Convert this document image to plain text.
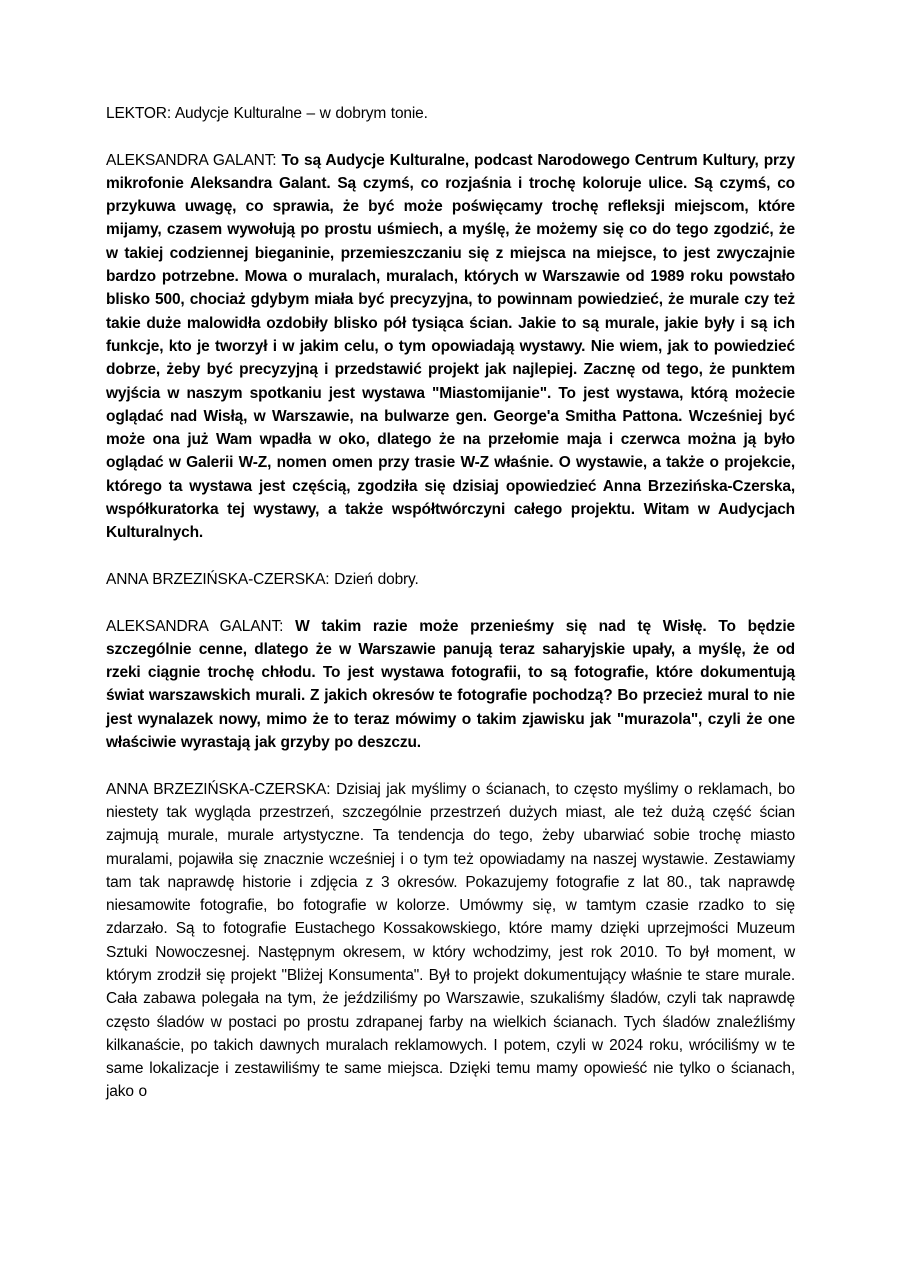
LEKTOR: Audycje Kulturalne – w dobrym tonie.

ALEKSANDRA GALANT: To są Audycje Kulturalne, podcast Narodowego Centrum Kultury, przy mikrofonie Aleksandra Galant. Są czymś, co rozjaśnia i trochę koloruje ulice. Są czymś, co przykuwa uwagę, co sprawia, że być może poświęcamy trochę refleksji miejscom, które mijamy, czasem wywołują po prostu uśmiech, a myślę, że możemy się co do tego zgodzić, że w takiej codziennej bieganinie, przemieszczaniu się z miejsca na miejsce, to jest zwyczajnie bardzo potrzebne. Mowa o muralach, muralach, których w Warszawie od 1989 roku powstało blisko 500, chociaż gdybym miała być precyzyjna, to powinnam powiedzieć, że murale czy też takie duże malowidła ozdobiły blisko pół tysiąca ścian. Jakie to są murale, jakie były i są ich funkcje, kto je tworzył i w jakim celu, o tym opowiadają wystawy. Nie wiem, jak to powiedzieć dobrze, żeby być precyzyjną i przedstawić projekt jak najlepiej. Zacznę od tego, że punktem wyjścia w naszym spotkaniu jest wystawa "Miastomijanie". To jest wystawa, którą możecie oglądać nad Wisłą, w Warszawie, na bulwarze gen. George'a Smitha Pattona. Wcześniej być może ona już Wam wpadła w oko, dlatego że na przełomie maja i czerwca można ją było oglądać w Galerii W-Z, nomen omen przy trasie W-Z właśnie. O wystawie, a także o projekcie, którego ta wystawa jest częścią, zgodziła się dzisiaj opowiedzieć Anna Brzezińska-Czerska, współkuratorka tej wystawy, a także współtwórczyni całego projektu. Witam w Audycjach Kulturalnych.

ANNA BRZEZIŃSKA-CZERSKA: Dzień dobry.

ALEKSANDRA GALANT: W takim razie może przenieśmy się nad tę Wisłę. To będzie szczególnie cenne, dlatego że w Warszawie panują teraz saharyjskie upały, a myślę, że od rzeki ciągnie trochę chłodu. To jest wystawa fotografii, to są fotografie, które dokumentują świat warszawskich murali. Z jakich okresów te fotografie pochodzą? Bo przecież mural to nie jest wynalazek nowy, mimo że to teraz mówimy o takim zjawisku jak "murazola", czyli że one właściwie wyrastają jak grzyby po deszczu.

ANNA BRZEZIŃSKA-CZERSKA: Dzisiaj jak myślimy o ścianach, to często myślimy o reklamach, bo niestety tak wygląda przestrzeń, szczególnie przestrzeń dużych miast, ale też dużą część ścian zajmują murale, murale artystyczne. Ta tendencja do tego, żeby ubarwiać sobie trochę miasto muralami, pojawiła się znacznie wcześniej i o tym też opowiadamy na naszej wystawie. Zestawiamy tam tak naprawdę historie i zdjęcia z 3 okresów. Pokazujemy fotografie z lat 80., tak naprawdę niesamowite fotografie, bo fotografie w kolorze. Umówmy się, w tamtym czasie rzadko to się zdarzało. Są to fotografie Eustachego Kossakowskiego, które mamy dzięki uprzejmości Muzeum Sztuki Nowoczesnej. Następnym okresem, w który wchodzimy, jest rok 2010. To był moment, w którym zrodził się projekt "Bliżej Konsumenta". Był to projekt dokumentujący właśnie te stare murale. Cała zabawa polegała na tym, że jeździliśmy po Warszawie, szukaliśmy śladów, czyli tak naprawdę często śladów w postaci po prostu zdrapanej farby na wielkich ścianach. Tych śladów znaleźliśmy kilkanaście, po takich dawnych muralach reklamowych. I potem, czyli w 2024 roku, wróciliśmy w te same lokalizacje i zestawiliśmy te same miejsca. Dzięki temu mamy opowieść nie tylko o ścianach, jako o
